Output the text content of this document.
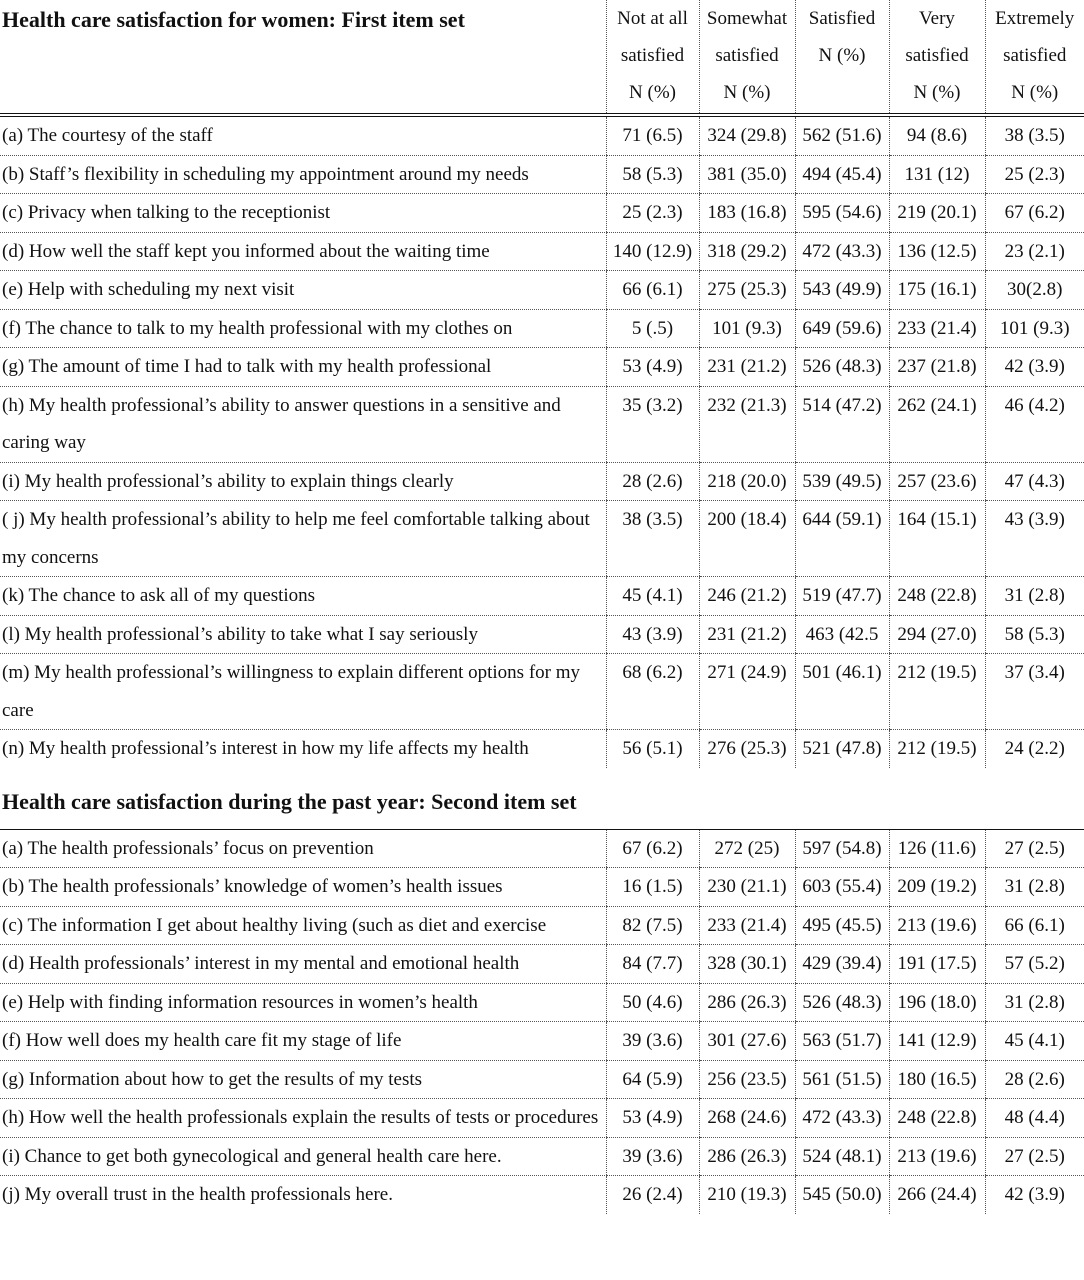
Health care satisfaction for women: First item set	Not at all
satisfied
N (%)	Somewhat
satisfied
N (%)	Satisfied
N (%)	Very
satisfied
N (%)	Extremely
satisfied
N (%)

(a) The courtesy of the staff	71 (6.5)	324 (29.8)	562 (51.6)	94 (8.6)	38 (3.5)
(b) Staff’s flexibility in scheduling my appointment around my needs	58 (5.3)	381 (35.0)	494 (45.4)	131 (12)	25 (2.3)
(c) Privacy when talking to the receptionist	25 (2.3)	183 (16.8)	595 (54.6)	219 (20.1)	67 (6.2)
(d) How well the staff kept you informed about the waiting time	140 (12.9)	318 (29.2)	472 (43.3)	136 (12.5)	23 (2.1)
(e) Help with scheduling my next visit	66 (6.1)	275 (25.3)	543 (49.9)	175 (16.1)	30(2.8)
(f) The chance to talk to my health professional with my clothes on	5 (.5)	101 (9.3)	649 (59.6)	233 (21.4)	101 (9.3)
(g) The amount of time I had to talk with my health professional	53 (4.9)	231 (21.2)	526 (48.3)	237 (21.8)	42 (3.9)
(h) My health professional’s ability to answer questions in a sensitive and caring way	35 (3.2)	232 (21.3)	514 (47.2)	262 (24.1)	46 (4.2)
(i) My health professional’s ability to explain things clearly	28 (2.6)	218 (20.0)	539 (49.5)	257 (23.6)	47 (4.3)
( j) My health professional’s ability to help me feel comfortable talking about my concerns	38 (3.5)	200 (18.4)	644 (59.1)	164 (15.1)	43 (3.9)
(k) The chance to ask all of my questions	45 (4.1)	246 (21.2)	519 (47.7)	248 (22.8)	31 (2.8)
(l) My health professional’s ability to take what I say seriously	43 (3.9)	231 (21.2)	463 (42.5	294 (27.0)	58 (5.3)
(m) My health professional’s willingness to explain different options for my care	68 (6.2)	271 (24.9)	501 (46.1)	212 (19.5)	37 (3.4)
(n) My health professional’s interest in how my life affects my health	56 (5.1)	276 (25.3)	521 (47.8)	212 (19.5)	24 (2.2)
Health care satisfaction during the past year: Second item set					
(a) The health professionals’ focus on prevention	67 (6.2)	272 (25)	597 (54.8)	126 (11.6)	27 (2.5)
(b) The health professionals’ knowledge of women’s health issues	16 (1.5)	230 (21.1)	603 (55.4)	209 (19.2)	31 (2.8)
(c) The information I get about healthy living (such as diet and exercise	82 (7.5)	233 (21.4)	495 (45.5)	213 (19.6)	66 (6.1)
(d) Health professionals’ interest in my mental and emotional health	84 (7.7)	328 (30.1)	429 (39.4)	191 (17.5)	57 (5.2)
(e) Help with finding information resources in women’s health	50 (4.6)	286 (26.3)	526 (48.3)	196 (18.0)	31 (2.8)
(f) How well does my health care fit my stage of life	39 (3.6)	301 (27.6)	563 (51.7)	141 (12.9)	45 (4.1)
(g) Information about how to get the results of my tests	64 (5.9)	256 (23.5)	561 (51.5)	180 (16.5)	28 (2.6)
(h) How well the health professionals explain the results of tests or procedures	53 (4.9)	268 (24.6)	472 (43.3)	248 (22.8)	48 (4.4)
(i) Chance to get both gynecological and general health care here.	39 (3.6)	286 (26.3)	524 (48.1)	213 (19.6)	27 (2.5)
(j) My overall trust in the health professionals here.	26 (2.4)	210 (19.3)	545 (50.0)	266 (24.4)	42 (3.9)
